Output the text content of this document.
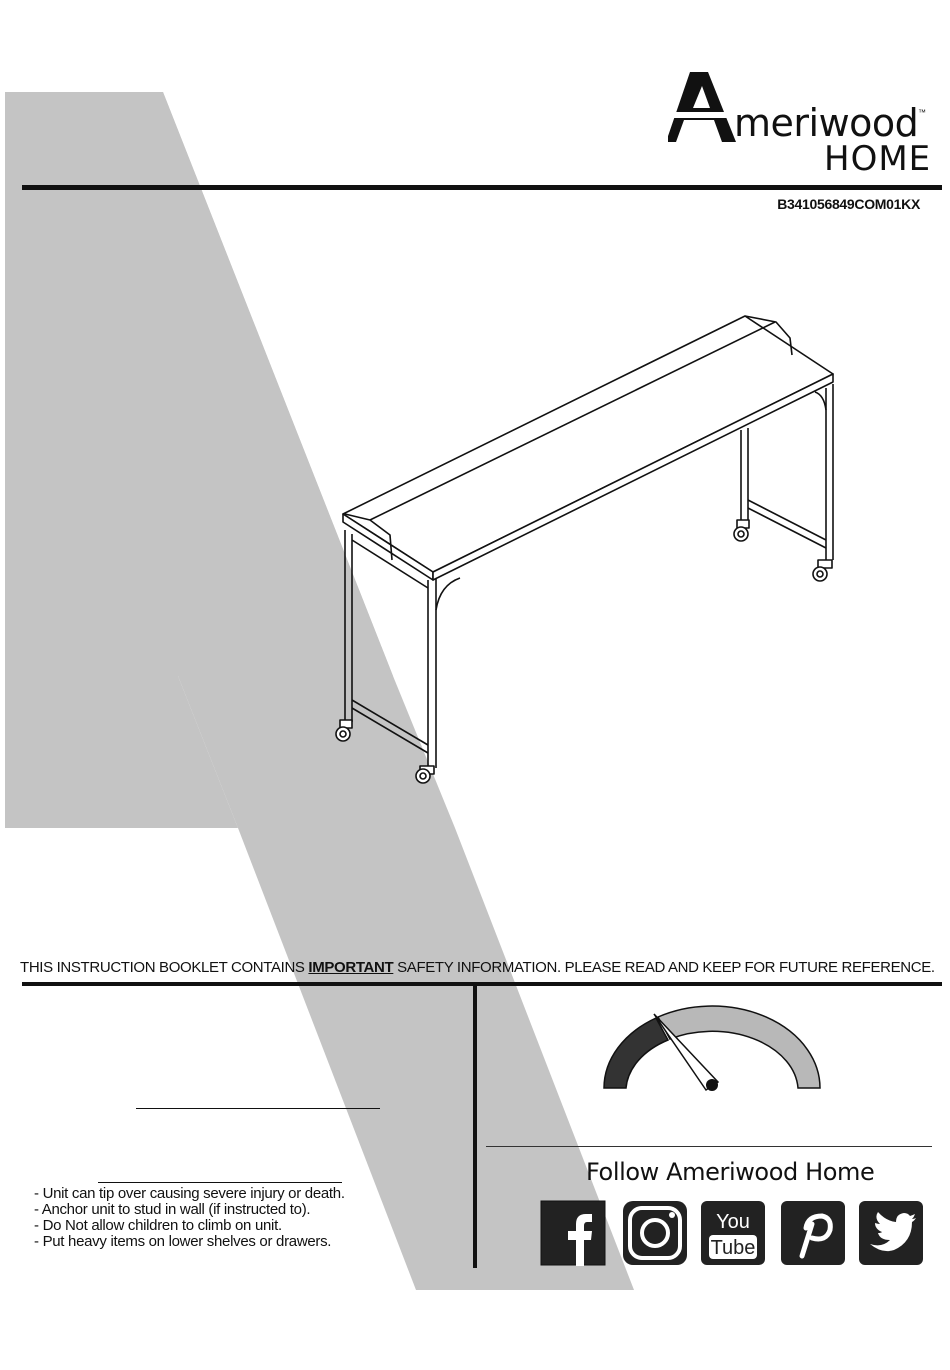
meriwood ™
HOME
B341056849COM01KX
THIS INSTRUCTION BOOKLET CONTAINS IMPORTANT SAFETY INFORMATION. PLEASE READ AND KEEP FOR FUTURE REFERENCE.
- Unit can tip over causing severe injury or death.
- Anchor unit to stud in wall (if instructed to).
- Do Not allow children to climb on unit.
- Put heavy items on lower shelves or drawers.
Follow Ameriwood Home
You
Tube
